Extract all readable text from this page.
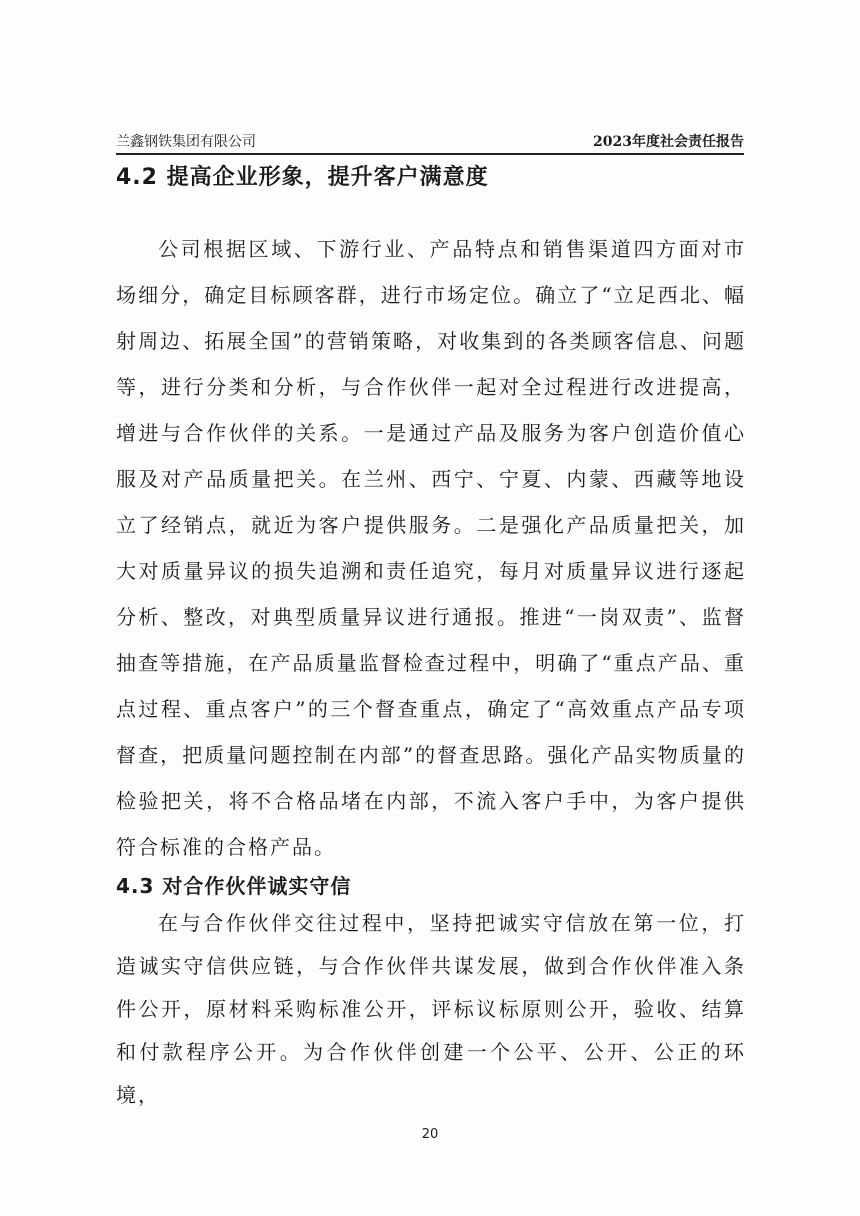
兰鑫钢铁集团有限公司	2023年度社会责任报告
4.2 提高企业形象，提升客户满意度

公司根据区域、下游行业、产品特点和销售渠道四方面对市场细分，确定目标顾客群，进行市场定位。确立了“立足西北、幅射周边、拓展全国”的营销策略，对收集到的各类顾客信息、问题等，进行分类和分析，与合作伙伴一起对全过程进行改进提高，增进与合作伙伴的关系。一是通过产品及服务为客户创造价值心服及对产品质量把关。在兰州、西宁、宁夏、内蒙、西藏等地设立了经销点，就近为客户提供服务。二是强化产品质量把关，加大对质量异议的损失追溯和责任追究，每月对质量异议进行逐起分析、整改，对典型质量异议进行通报。推进“一岗双责”、监督抽查等措施，在产品质量监督检查过程中，明确了“重点产品、重点过程、重点客户”的三个督查重点，确定了“高效重点产品专项督查，把质量问题控制在内部”的督查思路。强化产品实物质量的检验把关，将不合格品堵在内部，不流入客户手中，为客户提供符合标准的合格产品。

4.3 对合作伙伴诚实守信

在与合作伙伴交往过程中，坚持把诚实守信放在第一位，打造诚实守信供应链，与合作伙伴共谋发展，做到合作伙伴准入条件公开，原材料采购标准公开，评标议标原则公开，验收、结算和付款程序公开。为合作伙伴创建一个公平、公开、公正的环境，

20
